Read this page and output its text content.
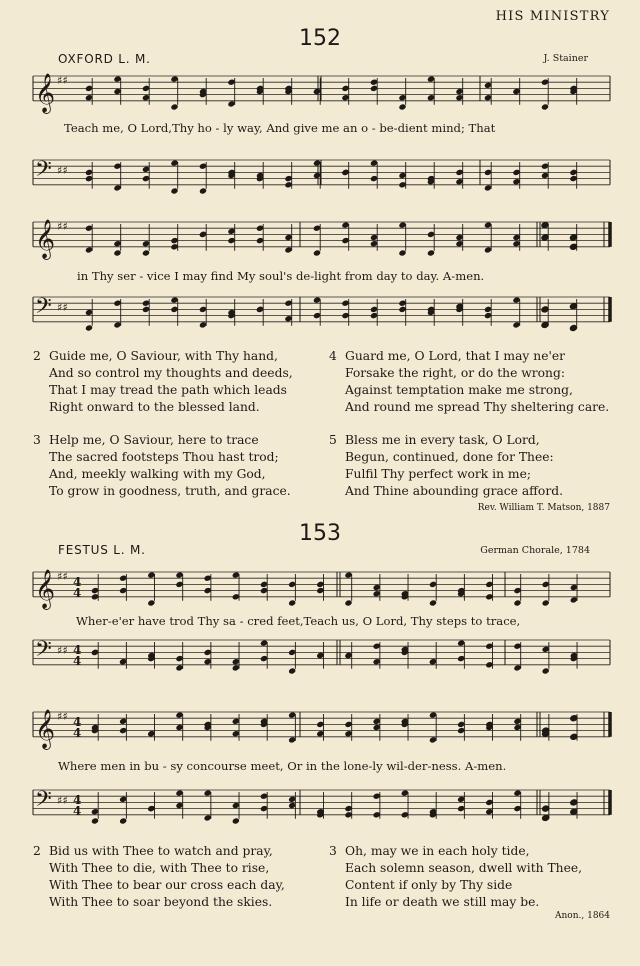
HIS MINISTRY
152
OXFORD L. M.	J. Stainer
𝄞 ♯♯
𝄢 ♯♯
𝄞 ♯♯
𝄢 ♯♯
𝄞 ♯♯ 4
4
𝄢 ♯♯ 4
4
𝄞 ♯♯ 4
4
𝄢 ♯♯ 4
4
Teach me, O Lord,Thy ho - ly way, And give me an o - be-dient mind; That
in Thy ser - vice I may find My soul's de-light from day to day. A-men.
2 Guide me, O Saviour, with Thy hand,
And so control my thoughts and deeds,
That I may tread the path which leads
Right onward to the blessed land.
3 Help me, O Saviour, here to trace
The sacred footsteps Thou hast trod;
And, meekly walking with my God,
To grow in goodness, truth, and grace.
4 Guard me, O Lord, that I may ne'er
Forsake the right, or do the wrong:
Against temptation make me strong,
And round me spread Thy sheltering care.
5 Bless me in every task, O Lord,
Begun, continued, done for Thee:
Fulfil Thy perfect work in me;
And Thine abounding grace afford.
Rev. William T. Matson, 1887
153
FESTUS L. M.	German Chorale, 1784
Wher-e'er have trod Thy sa - cred feet,Teach us, O Lord, Thy steps to trace,
Where men in bu - sy concourse meet, Or in the lone-ly wil-der-ness. A-men.
2 Bid us with Thee to watch and pray,
With Thee to die, with Thee to rise,
With Thee to bear our cross each day,
With Thee to soar beyond the skies.
3 Oh, may we in each holy tide,
Each solemn season, dwell with Thee,
Content if only by Thy side
In life or death we still may be.
Anon., 1864
